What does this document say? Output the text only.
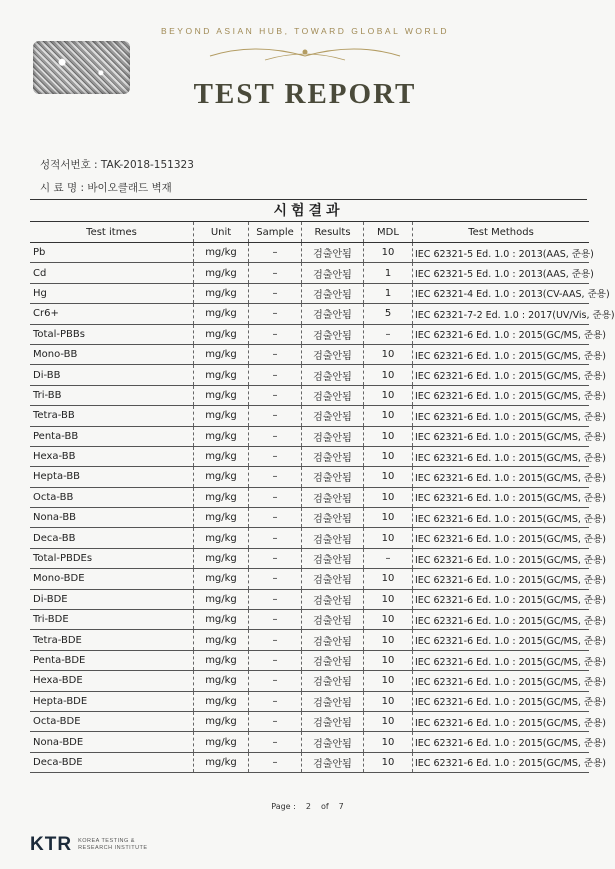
BEYOND ASIAN HUB, TOWARD GLOBAL WORLD
TEST REPORT
성적서번호 : TAK-2018-151323
시 료 명 : 바이오클래드 벽재
시험결과
Test itmes	Unit	Sample	Results	MDL	Test Methods
Pb	mg/kg	–	검출안됨	10	IEC 62321-5 Ed. 1.0 : 2013(AAS, 준용)
Cd	mg/kg	–	검출안됨	1	IEC 62321-5 Ed. 1.0 : 2013(AAS, 준용)
Hg	mg/kg	–	검출안됨	1	IEC 62321-4 Ed. 1.0 : 2013(CV-AAS, 준용)
Cr6+	mg/kg	–	검출안됨	5	IEC 62321-7-2 Ed. 1.0 : 2017(UV/Vis, 준용)
Total-PBBs	mg/kg	–	검출안됨	–	IEC 62321-6 Ed. 1.0 : 2015(GC/MS, 준용)
Mono-BB	mg/kg	–	검출안됨	10	IEC 62321-6 Ed. 1.0 : 2015(GC/MS, 준용)
Di-BB	mg/kg	–	검출안됨	10	IEC 62321-6 Ed. 1.0 : 2015(GC/MS, 준용)
Tri-BB	mg/kg	–	검출안됨	10	IEC 62321-6 Ed. 1.0 : 2015(GC/MS, 준용)
Tetra-BB	mg/kg	–	검출안됨	10	IEC 62321-6 Ed. 1.0 : 2015(GC/MS, 준용)
Penta-BB	mg/kg	–	검출안됨	10	IEC 62321-6 Ed. 1.0 : 2015(GC/MS, 준용)
Hexa-BB	mg/kg	–	검출안됨	10	IEC 62321-6 Ed. 1.0 : 2015(GC/MS, 준용)
Hepta-BB	mg/kg	–	검출안됨	10	IEC 62321-6 Ed. 1.0 : 2015(GC/MS, 준용)
Octa-BB	mg/kg	–	검출안됨	10	IEC 62321-6 Ed. 1.0 : 2015(GC/MS, 준용)
Nona-BB	mg/kg	–	검출안됨	10	IEC 62321-6 Ed. 1.0 : 2015(GC/MS, 준용)
Deca-BB	mg/kg	–	검출안됨	10	IEC 62321-6 Ed. 1.0 : 2015(GC/MS, 준용)
Total-PBDEs	mg/kg	–	검출안됨	–	IEC 62321-6 Ed. 1.0 : 2015(GC/MS, 준용)
Mono-BDE	mg/kg	–	검출안됨	10	IEC 62321-6 Ed. 1.0 : 2015(GC/MS, 준용)
Di-BDE	mg/kg	–	검출안됨	10	IEC 62321-6 Ed. 1.0 : 2015(GC/MS, 준용)
Tri-BDE	mg/kg	–	검출안됨	10	IEC 62321-6 Ed. 1.0 : 2015(GC/MS, 준용)
Tetra-BDE	mg/kg	–	검출안됨	10	IEC 62321-6 Ed. 1.0 : 2015(GC/MS, 준용)
Penta-BDE	mg/kg	–	검출안됨	10	IEC 62321-6 Ed. 1.0 : 2015(GC/MS, 준용)
Hexa-BDE	mg/kg	–	검출안됨	10	IEC 62321-6 Ed. 1.0 : 2015(GC/MS, 준용)
Hepta-BDE	mg/kg	–	검출안됨	10	IEC 62321-6 Ed. 1.0 : 2015(GC/MS, 준용)
Octa-BDE	mg/kg	–	검출안됨	10	IEC 62321-6 Ed. 1.0 : 2015(GC/MS, 준용)
Nona-BDE	mg/kg	–	검출안됨	10	IEC 62321-6 Ed. 1.0 : 2015(GC/MS, 준용)
Deca-BDE	mg/kg	–	검출안됨	10	IEC 62321-6 Ed. 1.0 : 2015(GC/MS, 준용)
Page : 2 of 7
KTR KOREA TESTING &
RESEARCH INSTITUTE
